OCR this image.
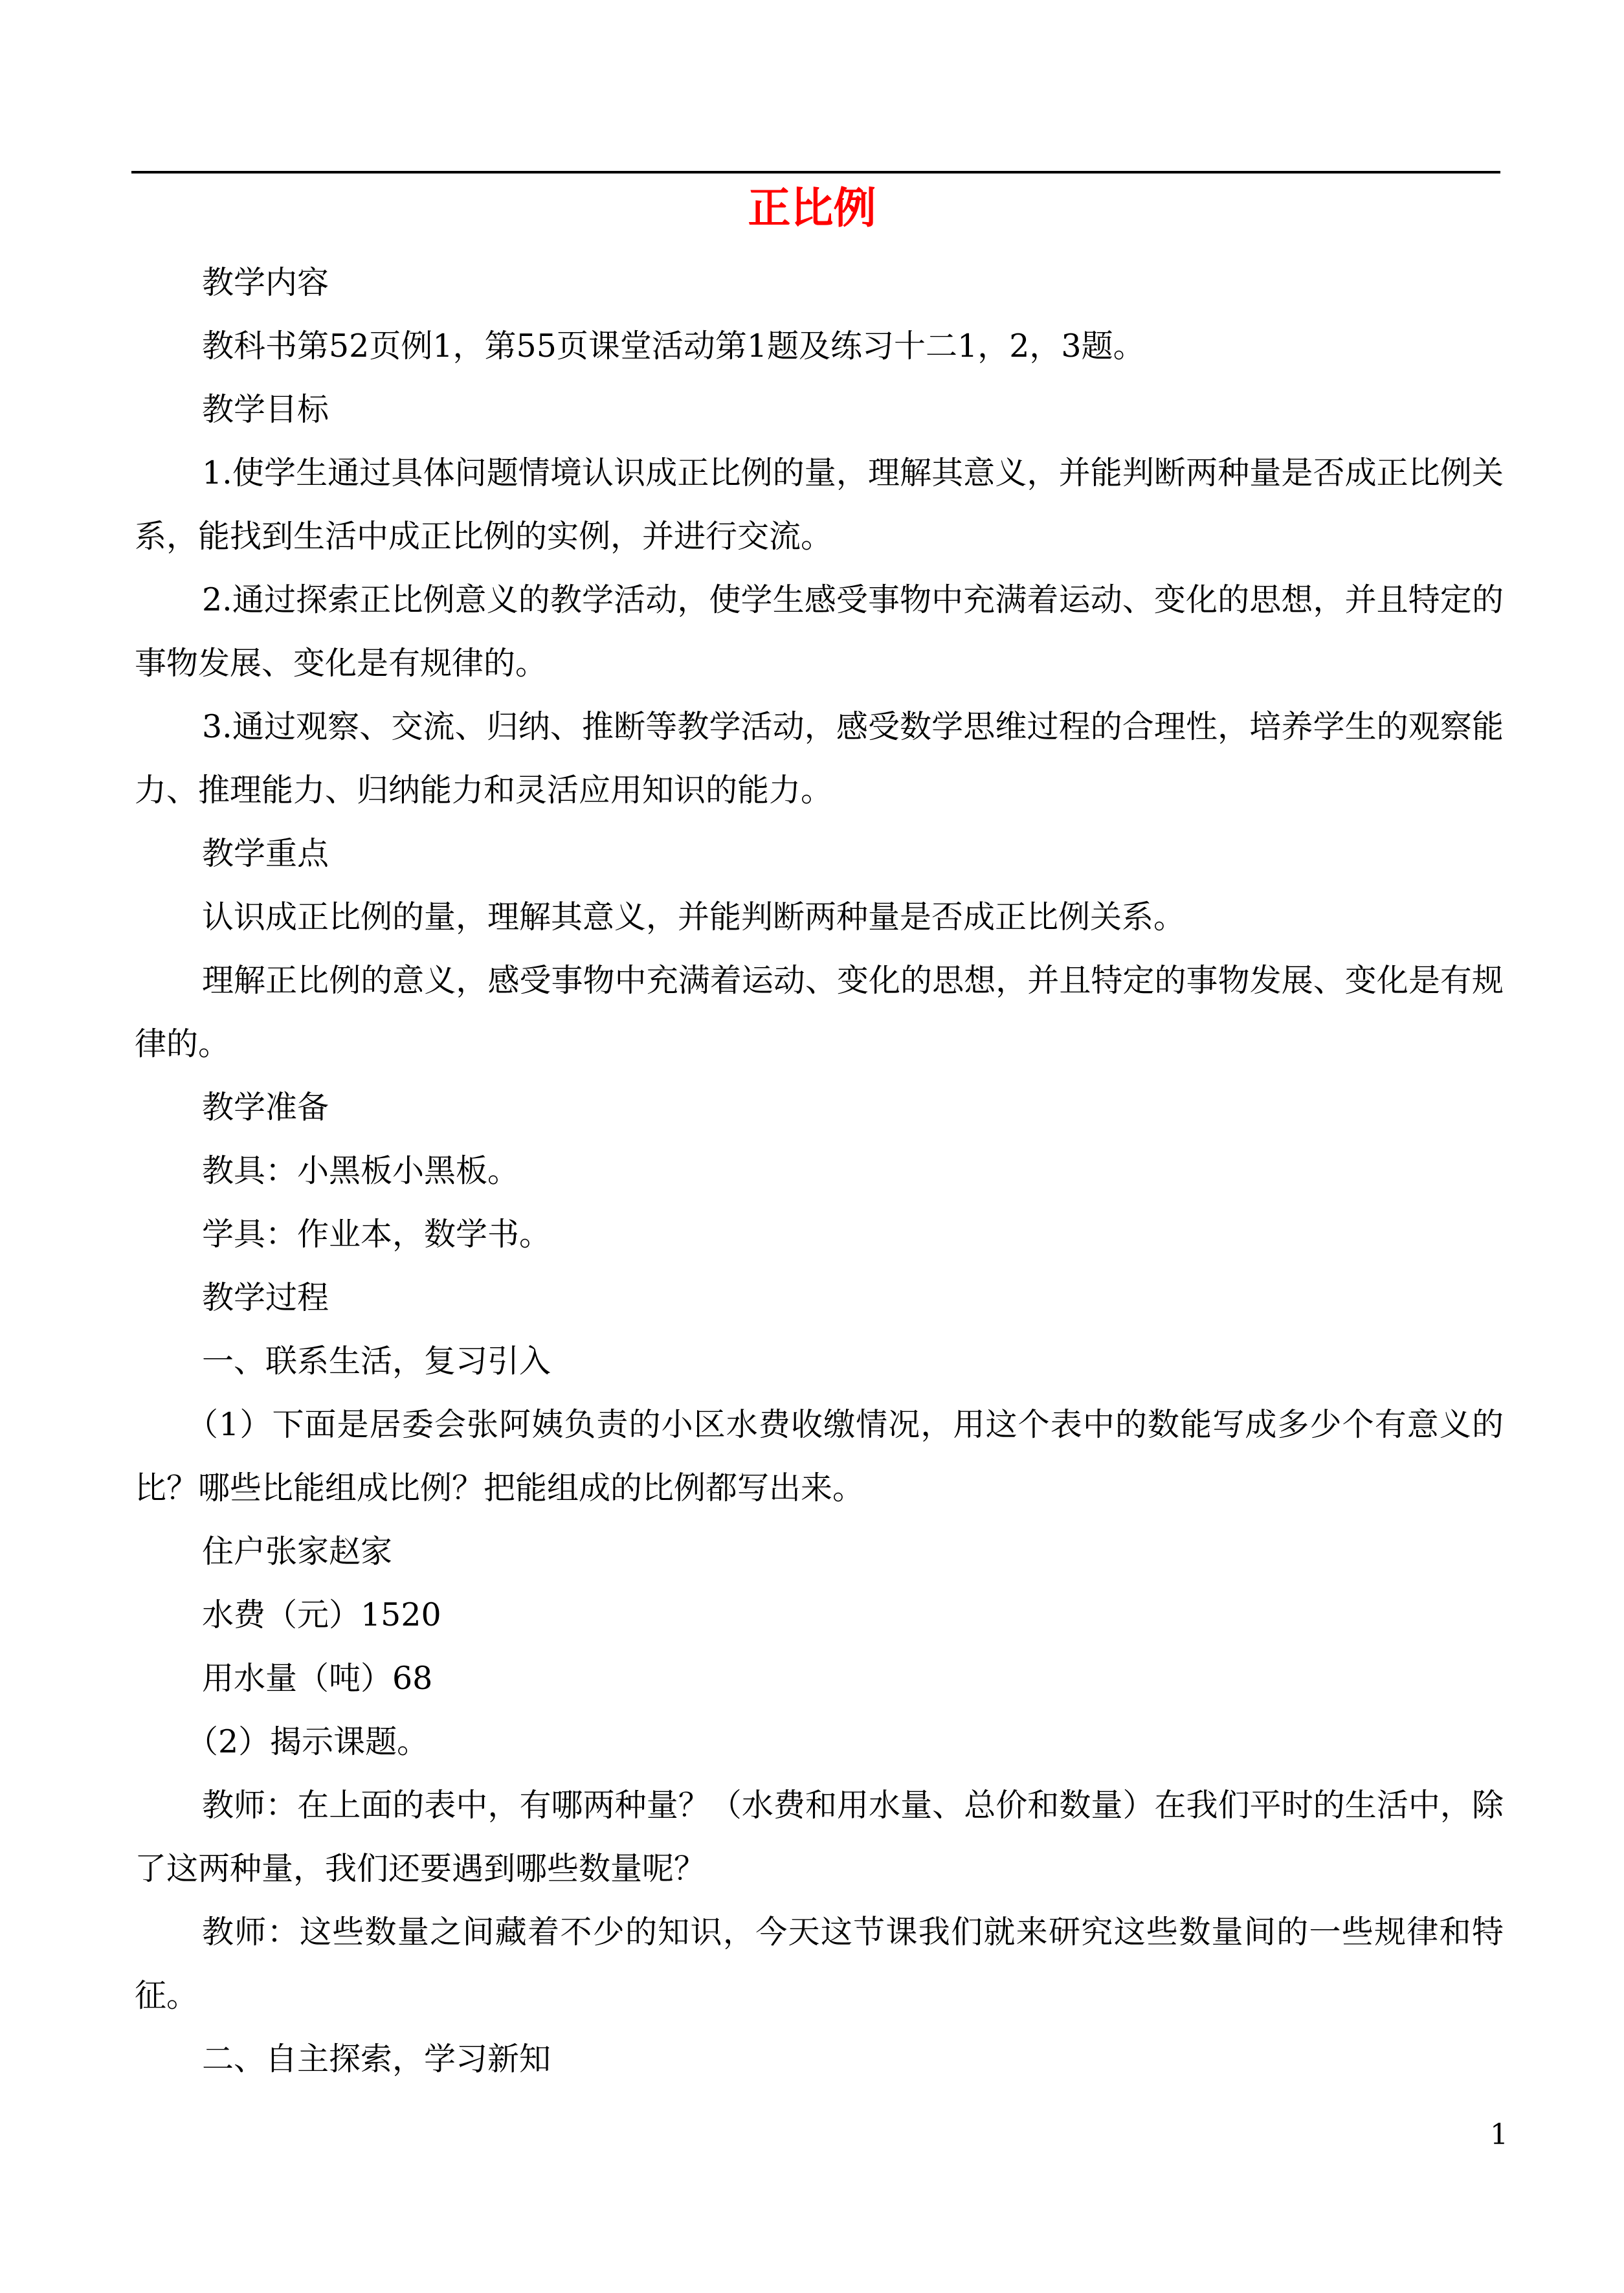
正比例

教学内容

教科书第52页例1，第55页课堂活动第1题及练习十二1，2，3题。

教学目标

1.使学生通过具体问题情境认识成正比例的量，理解其意义，并能判断两种量是否成正比例关系，能找到生活中成正比例的实例，并进行交流。

2.通过探索正比例意义的教学活动，使学生感受事物中充满着运动、变化的思想，并且特定的事物发展、变化是有规律的。

3.通过观察、交流、归纳、推断等教学活动，感受数学思维过程的合理性，培养学生的观察能力、推理能力、归纳能力和灵活应用知识的能力。

教学重点

认识成正比例的量，理解其意义，并能判断两种量是否成正比例关系。

理解正比例的意义，感受事物中充满着运动、变化的思想，并且特定的事物发展、变化是有规律的。

教学准备

教具：小黑板小黑板。

学具：作业本，数学书。

教学过程

一、联系生活，复习引入

（1）下面是居委会张阿姨负责的小区水费收缴情况，用这个表中的数能写成多少个有意义的比？哪些比能组成比例？把能组成的比例都写出来。

住户张家赵家

水费（元）1520

用水量（吨）68

（2）揭示课题。

教师：在上面的表中，有哪两种量？（水费和用水量、总价和数量）在我们平时的生活中，除了这两种量，我们还要遇到哪些数量呢？

教师：这些数量之间藏着不少的知识，今天这节课我们就来研究这些数量间的一些规律和特征。

二、自主探索，学习新知

1
